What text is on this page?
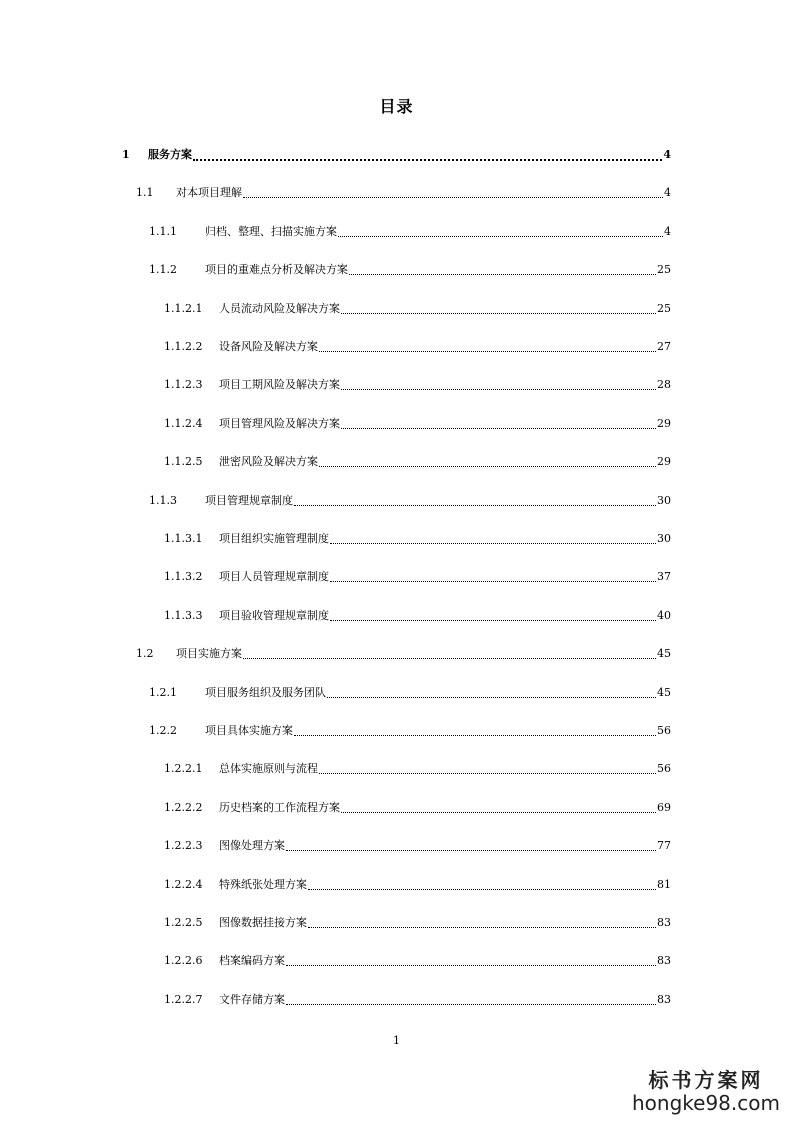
目录
1	服务方案	4
1.1	对本项目理解	4
1.1.1	归档、整理、扫描实施方案	4
1.1.2	项目的重难点分析及解决方案	25
1.1.2.1	人员流动风险及解决方案	25
1.1.2.2	设备风险及解决方案	27
1.1.2.3	项目工期风险及解决方案	28
1.1.2.4	项目管理风险及解决方案	29
1.1.2.5	泄密风险及解决方案	29
1.1.3	项目管理规章制度	30
1.1.3.1	项目组织实施管理制度	30
1.1.3.2	项目人员管理规章制度	37
1.1.3.3	项目验收管理规章制度	40
1.2	项目实施方案	45
1.2.1	项目服务组织及服务团队	45
1.2.2	项目具体实施方案	56
1.2.2.1	总体实施原则与流程	56
1.2.2.2	历史档案的工作流程方案	69
1.2.2.3	图像处理方案	77
1.2.2.4	特殊纸张处理方案	81
1.2.2.5	图像数据挂接方案	83
1.2.2.6	档案编码方案	83
1.2.2.7	文件存储方案	83
1
标书方案网
hongke98.com
